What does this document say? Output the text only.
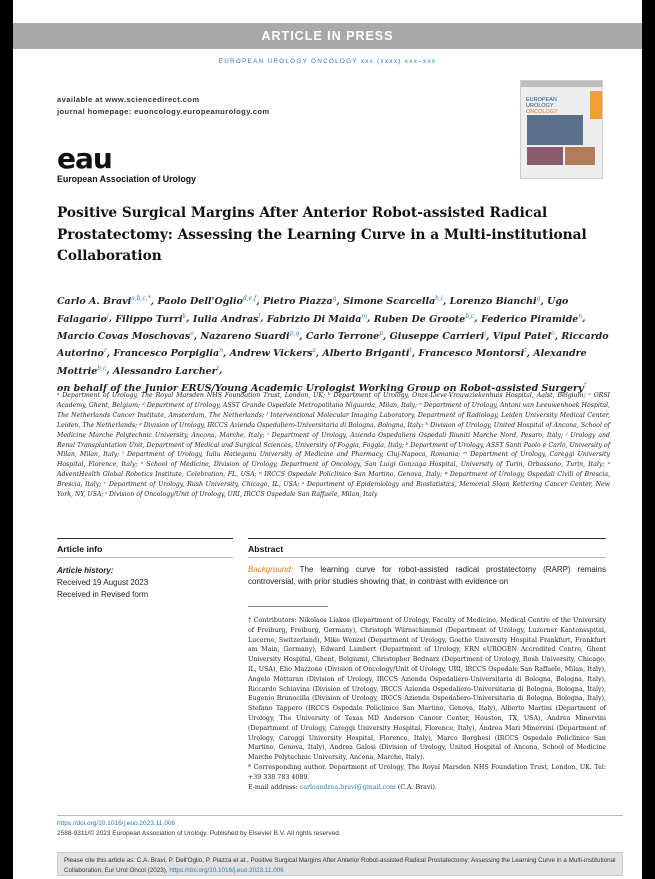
ARTICLE IN PRESS
EUROPEAN UROLOGY ONCOLOGY xxx (xxxx) xxx–xxx
available at www.sciencedirect.com
journal homepage: euoncology.europeanurology.com
EUROPEAN
UROLOGY
ONCOLOGY
eau
European Association of Urology
Positive Surgical Margins After Anterior Robot-assisted Radical Prostatectomy: Assessing the Learning Curve in a Multi-institutional Collaboration
Carlo A. Bravi$^{a,b,c,*}$, Paolo Dell'Oglio$^{d,e,f}$, Pietro Piazza$^g$, Simone Scarcella$^{h,i}$, Lorenzo Bianchi$^g$, Ugo Falagario$^j$, Filippo Turri$^k$, Iulia Andras$^l$, Fabrizio Di Maida$^m$, Ruben De Groote$^{b,c}$, Federico Piramide$^n$, Marcio Covas Moschovas$^o$, Nazareno Suardi$^{p,q}$, Carlo Terrone$^p$, Giuseppe Carrieri$^j$, Vipul Patel$^o$, Riccardo Autorino$^r$, Francesco Porpiglia$^n$, Andrew Vickers$^s$, Alberto Briganti$^t$, Francesco Montorsi$^t$, Alexandre Mottrie$^{b,c}$, Alessandro Larcher$^t$,
on behalf of the Junior ERUS/Young Academic Urologist Working Group on Robot-assisted Surgery†
ᵃ Department of Urology, The Royal Marsden NHS Foundation Trust, London, UK; ᵇ Department of Urology, Onze-Lieve-Vrouwziekenhuis Hospital, Aalst, Belgium; ᶜ ORSI Academy, Ghent, Belgium; ᵈ Department of Urology, ASST Grande Ospedale Metropolitano Niguarda, Milan, Italy; ᵉ Department of Urology, Antoni van Leeuwenhoek Hospital, The Netherlands Cancer Institute, Amsterdam, The Netherlands; ᶠ Interventional Molecular Imaging Laboratory, Department of Radiology, Leiden University Medical Center, Leiden, The Netherlands; ᵍ Division of Urology, IRCCS Azienda Ospedaliero-Universitaria di Bologna, Bologna, Italy; ʰ Division of Urology, United Hospital of Ancona, School of Medicine Marche Polytechnic University, Ancona, Marche, Italy; ⁱ Department of Urology, Azienda Ospedaliera Ospedali Riuniti Marche Nord, Pesaro, Italy; ʲ Urology and Renal Transplantation Unit, Department of Medical and Surgical Sciences, University of Foggia, Foggia, Italy; ᵏ Department of Urology, ASST Santi Paolo e Carlo, University of Milan, Milan, Italy; ˡ Department of Urology, Iuliu Hatieganu University of Medicine and Pharmacy, Cluj-Napoca, Romania; ᵐ Department of Urology, Careggi University Hospital, Florence, Italy; ⁿ School of Medicine, Division of Urology, Department of Oncology, San Luigi Gonzaga Hospital, University of Turin, Orbassano, Turin, Italy; ᵒ AdventHealth Global Robotics Institute, Celebration, FL, USA; ᵖ IRCCS Ospedale Policlinico San Martino, Genova, Italy; ᵠ Department of Urology, Ospedali Civili of Brescia, Brescia, Italy; ʳ Department of Urology, Rush University, Chicago, IL, USA; ˢ Department of Epidemiology and Biostatistics, Memorial Sloan Kettering Cancer Center, New York, NY, USA; ᵗ Division of Oncology/Unit of Urology, URI, IRCCS Ospedale San Raffaele, Milan, Italy
Article info
Article history:
Received 19 August 2023
Received in Revised form
Abstract
Background: The learning curve for robot-assisted radical prostatectomy (RARP) remains controversial, with prior studies showing that, in contrast with evidence on
† Contributors: Nikolaos Liakos (Department of Urology, Faculty of Medicine, Medical Centre of the University of Freiburg, Freiburg, Germany), Christoph Würnschimmel (Department of Urology, Luzerner Kantonsspital, Lucerne, Switzerland), Mike Wenzel (Department of Urology, Goethe University Hospital Frankfurt, Frankfurt am Main, Germany), Edward Lambert (Department of Urology, ERN eUROGEN Accredited Centre, Ghent University Hospital, Ghent, Belgium), Christopher Bednarz (Department of Urology, Rush University, Chicago, IL, USA), Elio Mazzone (Division of Oncology/Unit of Urology, URI, IRCCS Ospedale San Raffaele, Milan, Italy), Angelo Mottaran (Division of Urology, IRCCS Azienda Ospedaliero-Universitaria di Bologna, Bologna, Italy), Riccardo Schiavina (Division of Urology, IRCCS Azienda Ospedaliero-Universitaria di Bologna, Bologna, Italy), Eugenio Brunocilla (Division of Urology, IRCCS Azienda Ospedaliero-Universitaria di Bologna, Bologna, Italy), Stefano Tappero (IRCCS Ospedale Policlinico San Martino, Genova, Italy), Alberto Martini (Department of Urology, The University of Texas MD Anderson Cancer Center, Houston, TX, USA), Andrea Minervini (Department of Urology, Careggi University Hospital, Florence, Italy), Andrea Mari Minervini (Department of Urology, Careggi University Hospital, Florence, Italy), Marco Borghesi (IRCCS Ospedale Policlinico San Martino, Genova, Italy), Andrea Galosi (Division of Urology, United Hospital of Ancona, School of Medicine Marche Polytechnic University, Ancona, Marche, Italy).
* Corresponding author. Department of Urology, The Royal Marsden NHS Foundation Trust, London, UK. Tel: +39 338 783 4089.
E-mail address: carloandrea.bravi@gmail.com (C.A. Bravi).
https://doi.org/10.1016/j.euo.2023.11.006
2588-9311/© 2023 European Association of Urology. Published by Elsevier B.V. All rights reserved.
Please cite this article as: C.A. Bravi, P. Dell'Oglio, P. Piazza et al., Positive Surgical Margins After Anterior Robot-assisted Radical Prostatectomy: Assessing the Learning Curve in a Multi-institutional Collaboration, Eur Urol Oncol (2023), https://doi.org/10.1016/j.euo.2023.11.006
